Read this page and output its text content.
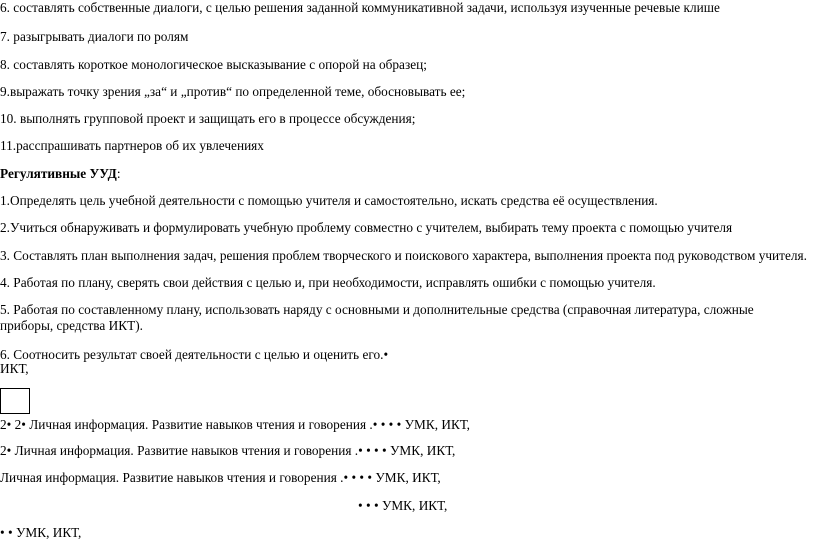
6. составлять собственные диалоги, с целью решения заданной коммуникативной задачи, используя изученные речевые клише
7. разыгрывать диалоги по ролям
8. составлять короткое монологическое высказывание с опорой на образец;
9.выражать точку зрения „за“ и „против“ по определенной теме, обосновывать ее;
10. выполнять групповой проект и защищать его в процессе обсуждения;
11.расспрашивать партнеров об их увлечениях
Регулятивные УУД:
1.Определять цель учебной деятельности с помощью учителя и самостоятельно, искать средства её осуществления.
2.Учиться обнаруживать и формулировать учебную проблему совместно с учителем, выбирать тему проекта с помощью учителя
3. Составлять план выполнения задач, решения проблем творческого и поискового характера, выполнения проекта под руководством учителя.
4. Работая по плану, сверять свои действия с целью и, при необходимости, исправлять ошибки с помощью учителя.
5. Работая по составленному плану, использовать наряду с основными и дополнительные средства (справочная литература, сложные приборы, средства ИКТ).
6. Соотносить результат своей деятельности с целью и оценить его.•
ИКТ,
2• 2• Личная информация. Развитие навыков чтения и говорения .• • • • УМК, ИКТ,
2• Личная информация. Развитие навыков чтения и говорения .• • • • УМК, ИКТ,
Личная информация. Развитие навыков чтения и говорения .• • • • УМК, ИКТ,
• • • УМК, ИКТ,
• • УМК, ИКТ,
